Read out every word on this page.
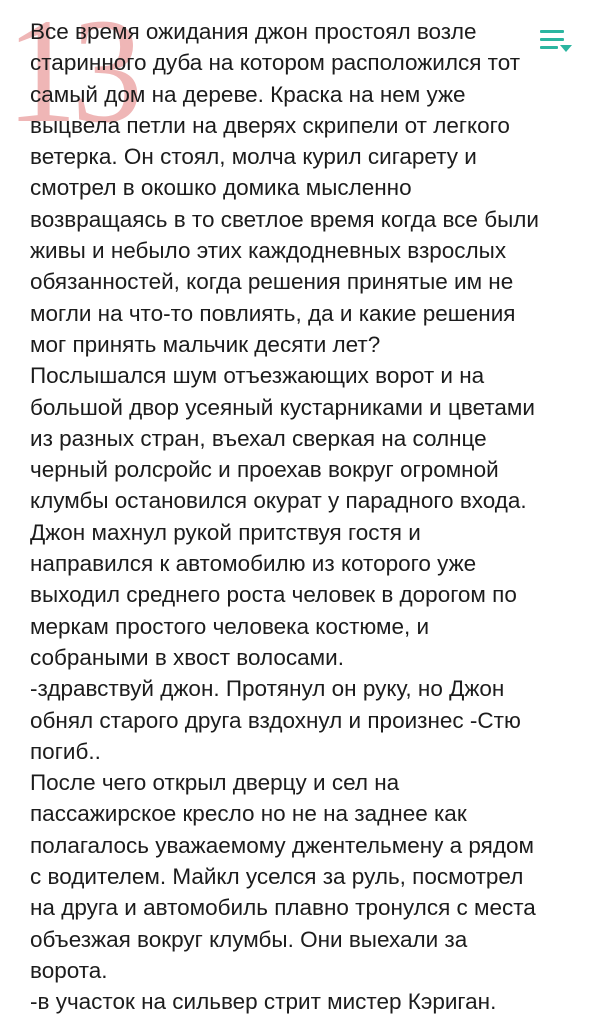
13

Все время ожидания джон простоял возле
старинного дуба на котором расположился тот
самый дом на дереве. Краска на нем уже
выцвела петли на дверях скрипели от легкого
ветерка. Он стоял, молча курил сигарету и
смотрел в окошко домика мысленно
возвращаясь в то светлое время когда все были
живы и небыло этих каждодневных взрослых
обязанностей, когда решения принятые им не
могли на что-то повлиять, да и какие решения
мог принять мальчик десяти лет?

Послышался шум отъезжающих ворот и на
большой двор усеяный кустарниками и цветами
из разных стран, въехал сверкая на солнце
черный ролсройс и проехав вокруг огромной
клумбы остановился окурат у парадного входа.
Джон махнул рукой притствуя гостя и
направился к автомобилю из которого уже
выходил среднего роста человек в дорогом по
меркам простого человека костюме, и
собраными в хвост волосами.

-здравствуй джон. Протянул он руку, но Джон
обнял старого друга вздохнул и произнес -Стю
погиб..

После чего открыл дверцу и сел на
пассажирское кресло но не на заднее как
полагалось уважаемому джентельмену а рядом
с водителем. Майкл уселся за руль, посмотрел
на друга и автомобиль плавно тронулся с места
объезжая вокруг клумбы. Они выехали за
ворота.

-в участок на сильвер стрит мистер Кэриган.
